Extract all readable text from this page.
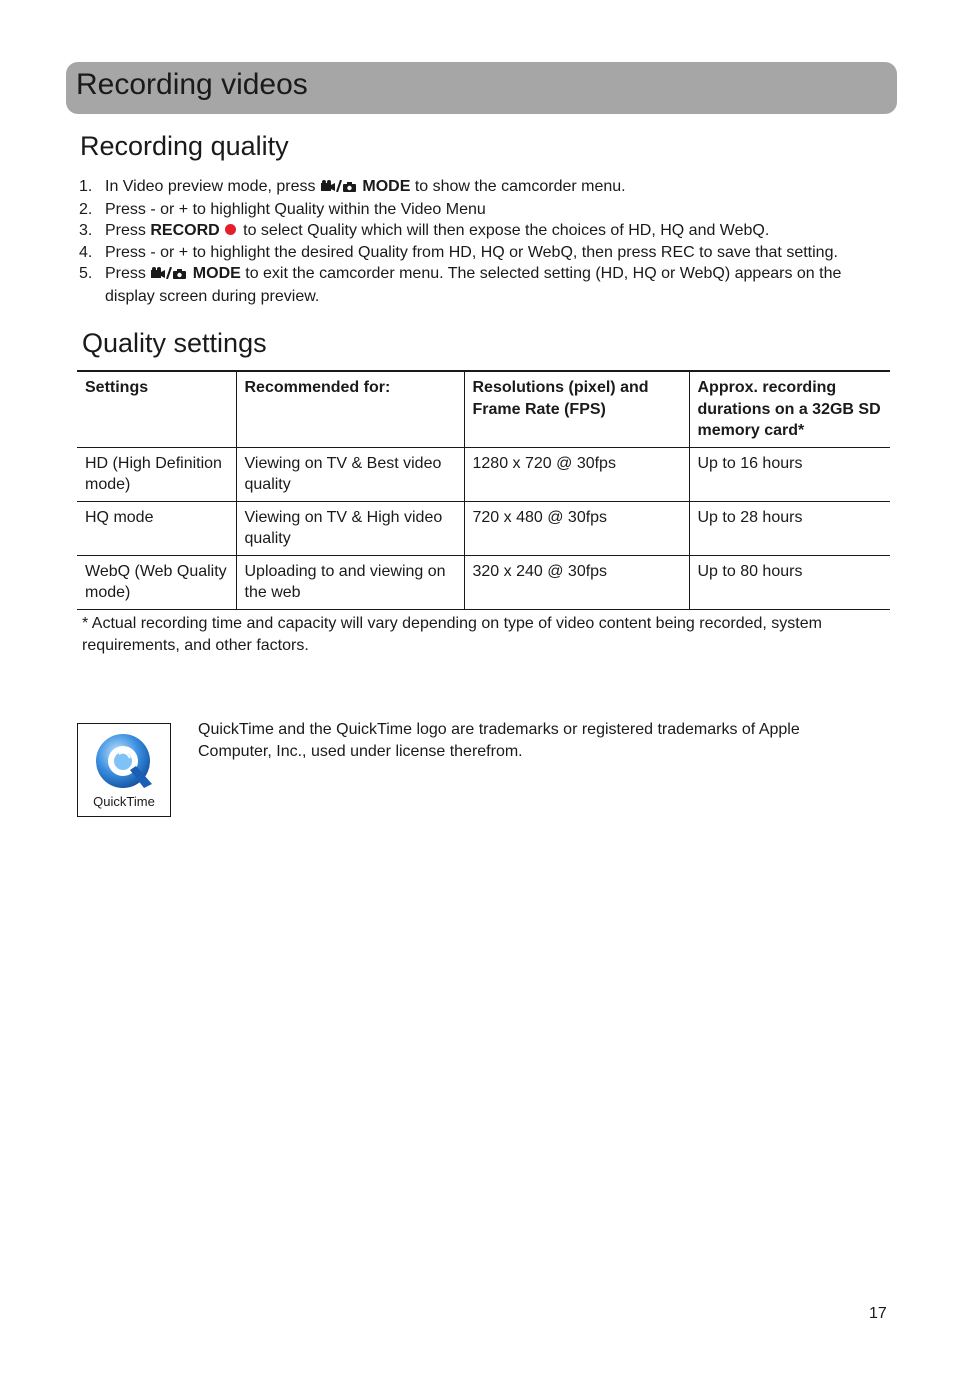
Recording videos
Recording quality
1. In Video preview mode, press	MODE to show the camcorder menu.
2. Press - or + to highlight Quality within the Video Menu
3. Press RECORD to select Quality which will then expose the choices of HD, HQ and WebQ.
4. Press - or + to highlight the desired Quality from HD, HQ or WebQ, then press REC to save that setting.
5. Press	MODE to exit the camcorder menu. The selected setting (HD, HQ or WebQ) appears on the display screen during preview.
Quality settings
Settings	Recommended for:	Resolutions (pixel) and Frame Rate (FPS)	Approx. recording durations on a 32GB SD memory card*
HD (High Definition mode)	Viewing on TV & Best video quality	1280 x 720 @ 30fps	Up to 16 hours
HQ mode	Viewing on TV & High video quality	720 x 480 @ 30fps	Up to 28 hours
WebQ (Web Quality mode)	Uploading to and viewing on the web	320 x 240 @ 30fps	Up to 80 hours

* Actual recording time and capacity will vary depending on type of video content being recorded, system requirements, and other factors.

QuickTime

QuickTime and the QuickTime logo are trademarks or registered trademarks of Apple Computer, Inc., used under license therefrom.

17
